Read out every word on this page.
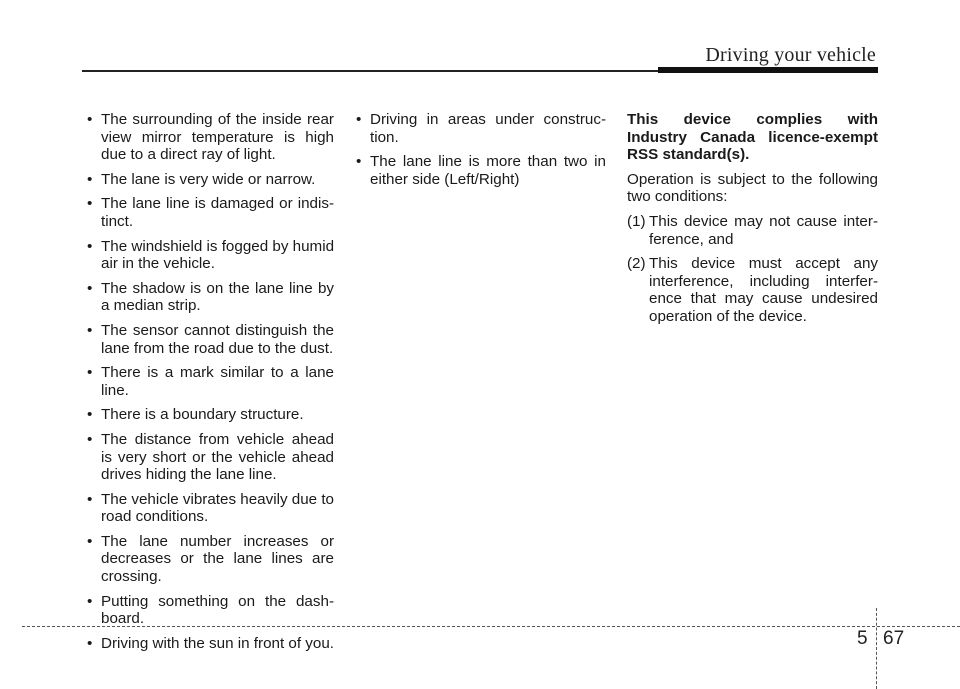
Driving your vehicle
• The surrounding of the inside rear view mirror temperature is high due to a direct ray of light.
• The lane is very wide or narrow.
• The lane line is damaged or indistinct.
• The windshield is fogged by humid air in the vehicle.
• The shadow is on the lane line by a median strip.
• The sensor cannot distinguish the lane from the road due to the dust.
• There is a mark similar to a lane line.
• There is a boundary structure.
• The distance from vehicle ahead is very short or the vehicle ahead drives hiding the lane line.
• The vehicle vibrates heavily due to road conditions.
• The lane number increases or decreases or the lane lines are crossing.
• Putting something on the dashboard.
• Driving with the sun in front of you.
• Driving in areas under construction.
• The lane line is more than two in either side (Left/Right)

This device complies with Industry Canada licence-exempt RSS standard(s).

Operation is subject to the following two conditions:

(1) This device may not cause interference, and
(2) This device must accept any interference, including interference that may cause undesired operation of the device.
5 67
